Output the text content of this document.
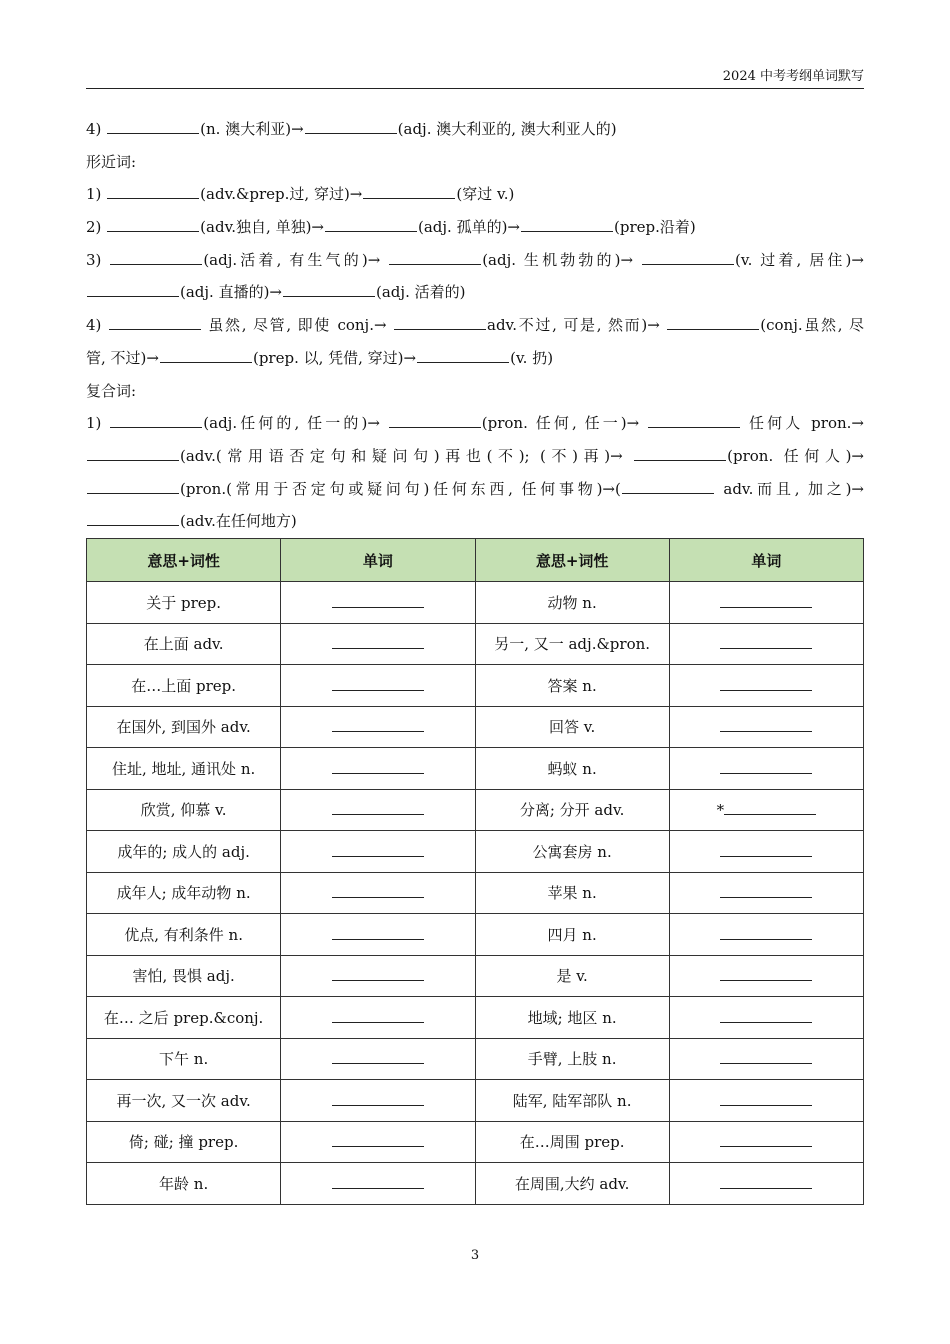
2024 中考考纲单词默写
4)	(n. 澳大利亚)→	(adj. 澳大利亚的, 澳大利亚人的)
形近词:
1)	(adv.&prep.过, 穿过)→	(穿过 v.)
2)	(adv.独自, 单独)→	(adj. 孤单的)→	(prep.沿着)
3)	(adj.活着, 有生气的)→	(adj. 生机勃勃的)→	(v. 过着, 居住)→
(adj. 直播的)→	(adj. 活着的)
4)	虽然, 尽管, 即使 conj.→	adv.不过, 可是, 然而)→	(conj.虽然, 尽
管, 不过)→	(prep. 以, 凭借, 穿过)→	(v. 扔)
复合词:
1)	(adj.任何的, 任一的)→	(pron. 任何, 任一)→	任何人 pron.→
(adv.(常用语否定句和疑问句)再也(不); (不)再)→	(pron. 任何人)→
(pron.(常用于否定句或疑问句)任何东西, 任何事物)→(	adv.而且, 加之)→
(adv.在任何地方)
意思+词性	单词	意思+词性	单词
关于 prep.		动物 n.	
在上面 adv.		另一, 又一 adj.&pron.	
在…上面 prep.		答案 n.	
在国外, 到国外 adv.		回答 v.	
住址, 地址, 通讯处 n.		蚂蚁 n.	
欣赏, 仰慕 v.		分离; 分开 adv.	*
成年的; 成人的 adj.		公寓套房 n.	
成年人; 成年动物 n.		苹果 n.	
优点, 有利条件 n.		四月 n.	
害怕, 畏惧 adj.		是 v.	
在… 之后 prep.&conj.		地域; 地区 n.	
下午 n.		手臂, 上肢 n.	
再一次, 又一次 adv.		陆军, 陆军部队 n.	
倚; 碰; 撞 prep.		在…周围 prep.	
年龄 n.		在周围,大约 adv.	
3
